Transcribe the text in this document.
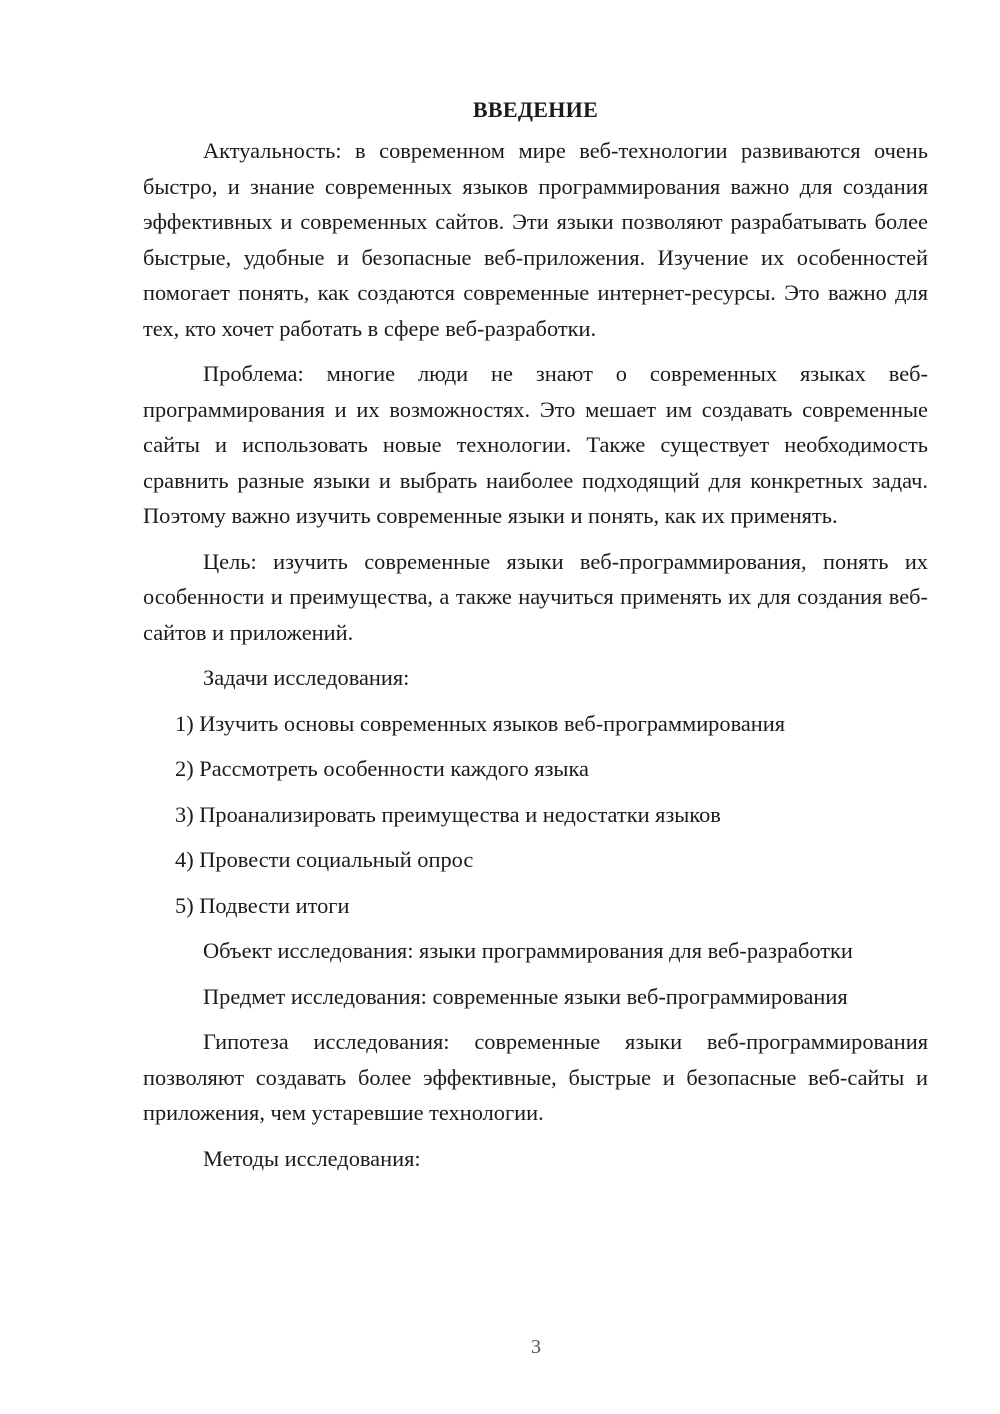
ВВЕДЕНИЕ

Актуальность: в современном мире веб-технологии развиваются очень быстро, и знание современных языков программирования важно для создания эффективных и современных сайтов. Эти языки позволяют разрабатывать более быстрые, удобные и безопасные веб-приложения. Изучение их особенностей помогает понять, как создаются современные интернет-ресурсы. Это важно для тех, кто хочет работать в сфере веб-разработки.

Проблема: многие люди не знают о современных языках веб-программирования и их возможностях. Это мешает им создавать современные сайты и использовать новые технологии. Также существует необходимость сравнить разные языки и выбрать наиболее подходящий для конкретных задач. Поэтому важно изучить современные языки и понять, как их применять.

Цель: изучить современные языки веб-программирования, понять их особенности и преимущества, а также научиться применять их для создания веб-сайтов и приложений.

Задачи исследования:

1) Изучить основы современных языков веб-программирования
2) Рассмотреть особенности каждого языка
3) Проанализировать преимущества и недостатки языков
4) Провести социальный опрос
5) Подвести итоги

Объект исследования: языки программирования для веб-разработки

Предмет исследования: современные языки веб-программирования

Гипотеза исследования: современные языки веб-программирования позволяют создавать более эффективные, быстрые и безопасные веб-сайты и приложения, чем устаревшие технологии.

Методы исследования:

3
